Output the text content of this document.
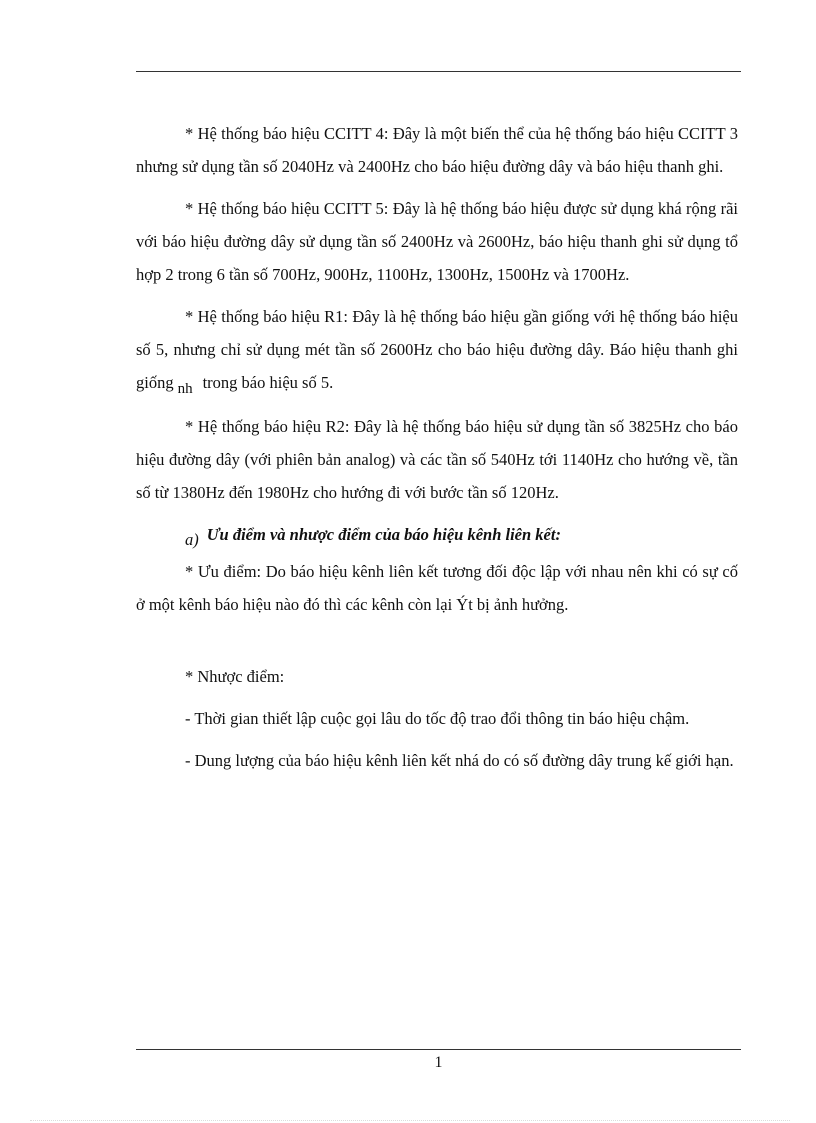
* Hệ thống báo hiệu CCITT 4: Đây là một biến thể của hệ thống báo hiệu CCITT 3 nhưng sử dụng tần số 2040Hz và 2400Hz cho báo hiệu đường dây và báo hiệu thanh ghi.

* Hệ thống báo hiệu CCITT 5: Đây là hệ thống báo hiệu được sử dụng khá rộng rãi với báo hiệu đường dây sử dụng tần số 2400Hz và 2600Hz, báo hiệu thanh ghi sử dụng tổ hợp 2 trong 6 tần số 700Hz, 900Hz, 1100Hz, 1300Hz, 1500Hz và 1700Hz.

* Hệ thống báo hiệu R1: Đây là hệ thống báo hiệu gần giống với hệ thống báo hiệu số 5, nhưng chỉ sử dụng mét tần số 2600Hz cho báo hiệu đường dây. Báo hiệu thanh ghi giống nh trong báo hiệu số 5.

* Hệ thống báo hiệu R2: Đây là hệ thống báo hiệu sử dụng tần số 3825Hz cho báo hiệu đường dây (với phiên bản analog) và các tần số 540Hz tới 1140Hz cho hướng về, tần số từ 1380Hz đến 1980Hz cho hướng đi với bước tần số 120Hz.

a) Ưu điểm và nhược điểm của báo hiệu kênh liên kết:

* Ưu điểm: Do báo hiệu kênh liên kết tương đối độc lập với nhau nên khi có sự cố ở một kênh báo hiệu nào đó thì các kênh còn lại Ýt bị ảnh hưởng.

* Nhược điểm:

- Thời gian thiết lập cuộc gọi lâu do tốc độ trao đổi thông tin báo hiệu chậm.

- Dung lượng của báo hiệu kênh liên kết nhá do có số đường dây trung kế giới hạn.

1
